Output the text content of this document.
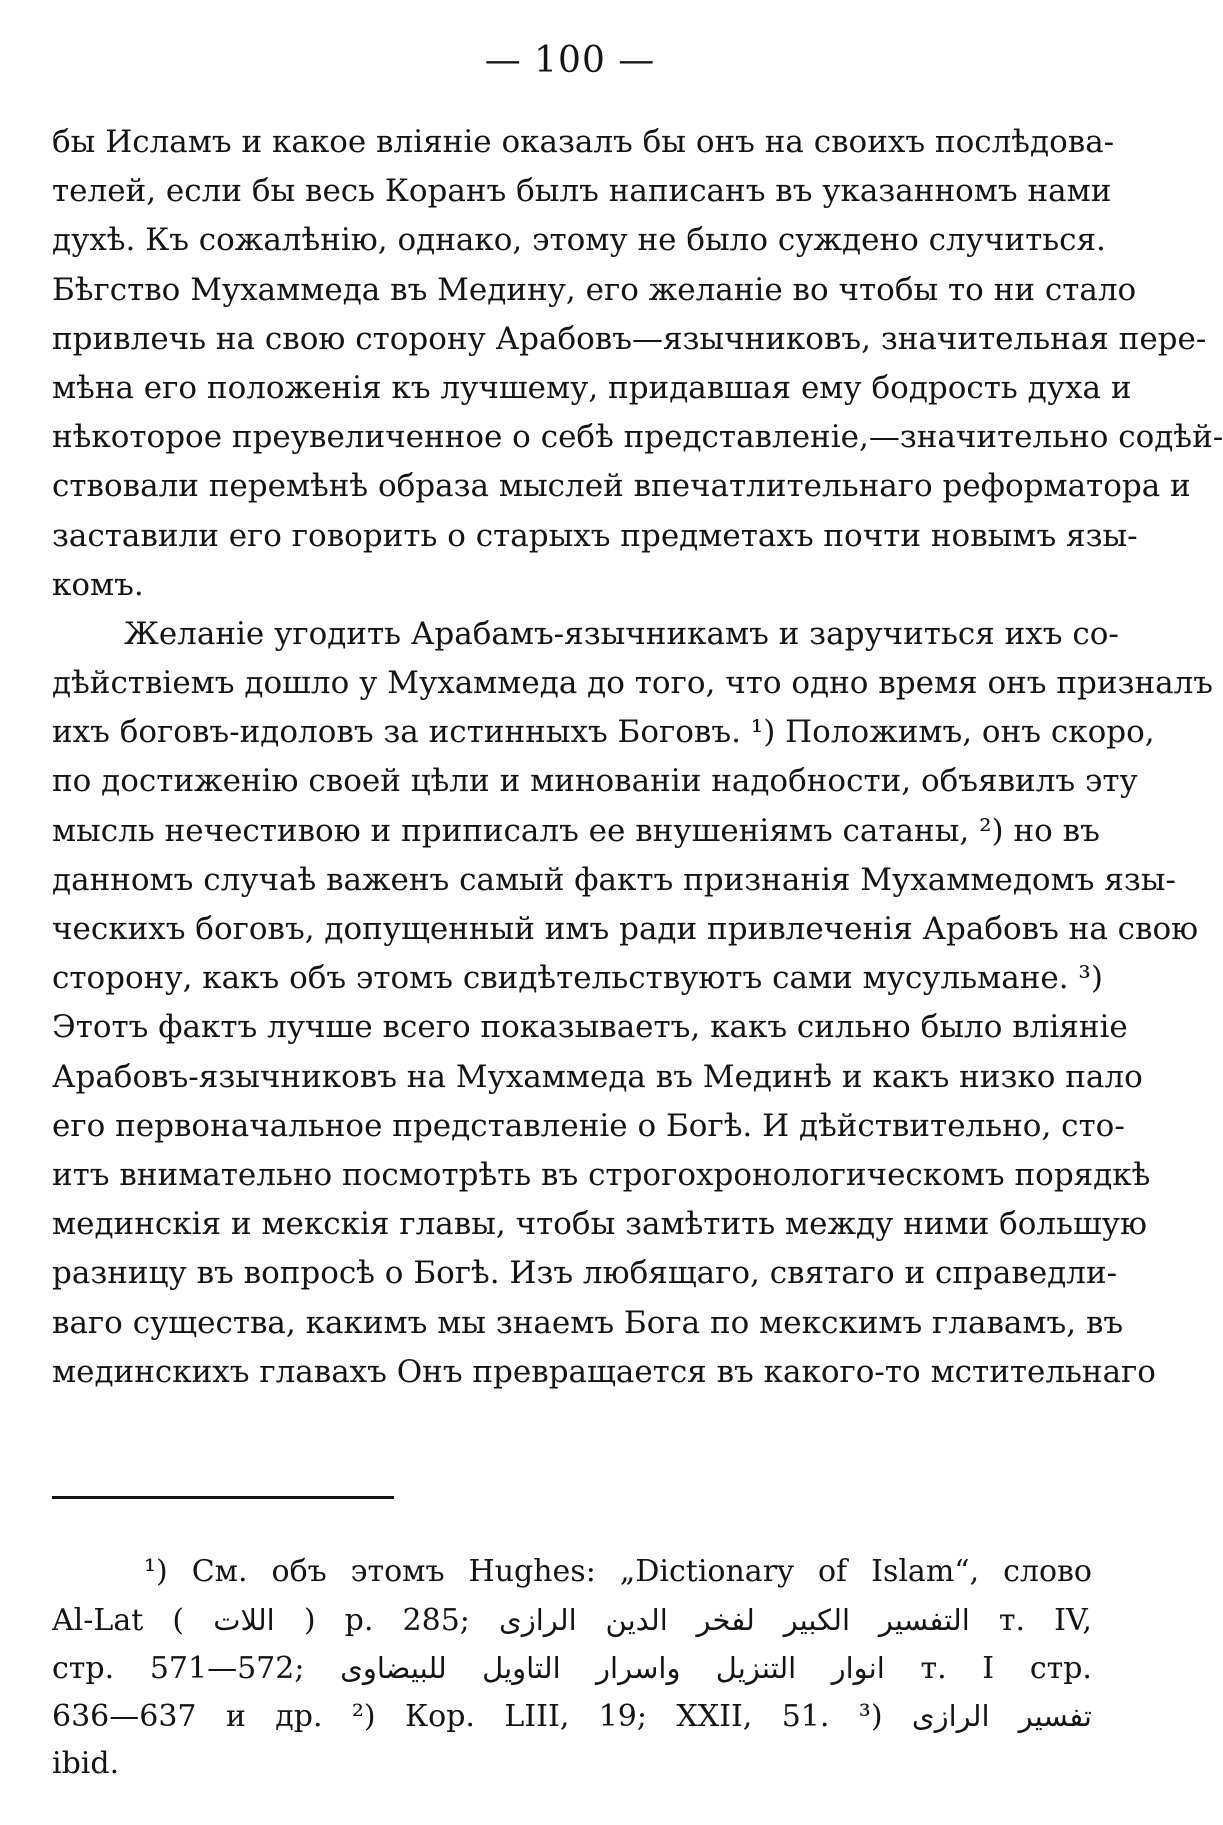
— 100 —
бы Исламъ и какое вліяніе оказалъ бы онъ на своихъ послѣдова-
телей, если бы весь Коранъ былъ написанъ въ указанномъ нами
духѣ. Къ сожалѣнію, однако, этому не было суждено случиться.
Бѣгство Мухаммеда въ Медину, его желаніе во чтобы то ни стало
привлечь на свою сторону Арабовъ—язычниковъ, значительная пере-
мѣна его положенія къ лучшему, придавшая ему бодрость духа и
нѣкоторое преувеличенное о себѣ представленіе,—значительно содѣй-
ствовали перемѣнѣ образа мыслей впечатлительнаго реформатора и
заставили его говорить о старыхъ предметахъ почти новымъ язы-
комъ.
Желаніе угодить Арабамъ-язычникамъ и заручиться ихъ со-
дѣйствіемъ дошло у Мухаммеда до того, что одно время онъ призналъ
ихъ боговъ-идоловъ за истинныхъ Боговъ. ¹) Положимъ, онъ скоро,
по достиженію своей цѣли и минованіи надобности, объявилъ эту
мысль нечестивою и приписалъ ее внушеніямъ сатаны, ²) но въ
данномъ случаѣ важенъ самый фактъ признанія Мухаммедомъ язы-
ческихъ боговъ, допущенный имъ ради привлеченія Арабовъ на свою
сторону, какъ объ этомъ свидѣтельствуютъ сами мусульмане. ³)
Этотъ фактъ лучше всего показываетъ, какъ сильно было вліяніе
Арабовъ-язычниковъ на Мухаммеда въ Мединѣ и какъ низко пало
его первоначальное представленіе о Богѣ. И дѣйствительно, сто-
итъ внимательно посмотрѣть въ строгохронологическомъ порядкѣ
мединскія и мекскія главы, чтобы замѣтить между ними большую
разницу въ вопросѣ о Богѣ. Изъ любящаго, святаго и справедли-
ваго существа, какимъ мы знаемъ Бога по мекскимъ главамъ, въ
мединскихъ главахъ Онъ превращается въ какого-то мстительнаго
¹) См. объ этомъ Hughes: „Dictionary of Islam“, слово
Al-Lat ( اللات ) p. 285; التفسير الكبير لفخر الدين الرازى т. IV,
стр. 571—572; انوار التنزيل واسرار التاويل للبيضاوى т. I стр.
636—637 и др. ²) Кор. LIII, 19; XXII, 51. ³) تفسير الرازى
ibid.
